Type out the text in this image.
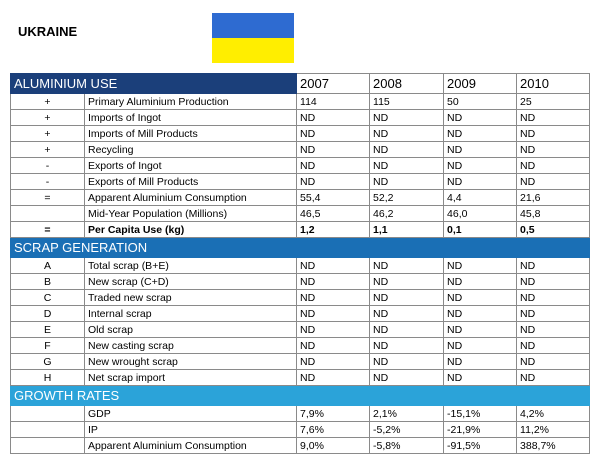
UKRAINE
ALUMINIUM USE		2007	2008	2009	2010
+	Primary Aluminium Production	114	115	50	25
+	Imports of Ingot	ND	ND	ND	ND
+	Imports of Mill Products	ND	ND	ND	ND
+	Recycling	ND	ND	ND	ND
-	Exports of Ingot	ND	ND	ND	ND
-	Exports of Mill Products	ND	ND	ND	ND
=	Apparent Aluminium Consumption	55,4	52,2	4,4	21,6
	Mid-Year Population (Millions)	46,5	46,2	46,0	45,8
=	Per Capita Use (kg)	1,2	1,1	0,1	0,5
SCRAP GENERATION					
A	Total scrap (B+E)	ND	ND	ND	ND
B	New scrap (C+D)	ND	ND	ND	ND
C	Traded new scrap	ND	ND	ND	ND
D	Internal scrap	ND	ND	ND	ND
E	Old scrap	ND	ND	ND	ND
F	New casting scrap	ND	ND	ND	ND
G	New wrought scrap	ND	ND	ND	ND
H	Net scrap import	ND	ND	ND	ND
GROWTH RATES					
	GDP	7,9%	2,1%	-15,1%	4,2%
	IP	7,6%	-5,2%	-21,9%	11,2%
	Apparent Aluminium Consumption	9,0%	-5,8%	-91,5%	388,7%
